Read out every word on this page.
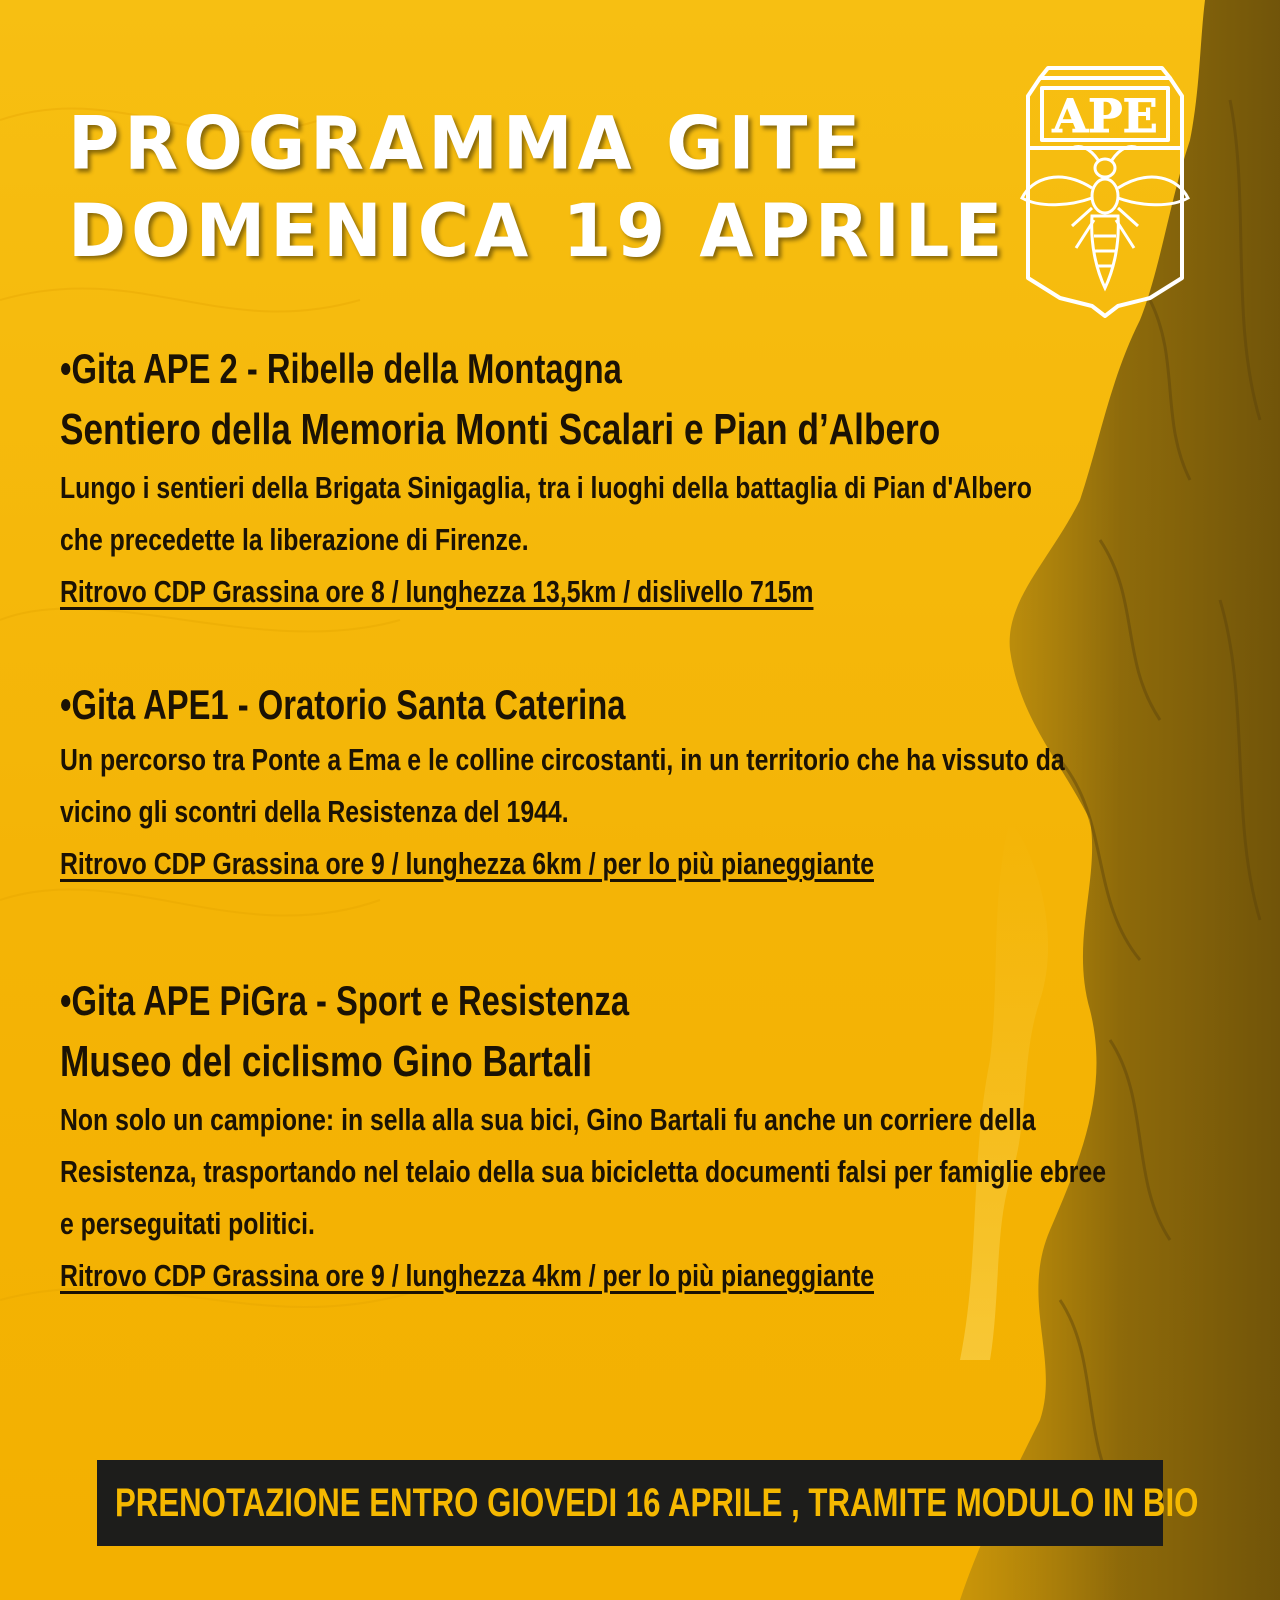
PROGRAMMA GITE
DOMENICA 19 APRILE
APE

•Gita APE 2 - Ribellə della Montagna

Sentiero della Memoria Monti Scalari e Pian d’Albero

Lungo i sentieri della Brigata Sinigaglia, tra i luoghi della battaglia di Pian d'Albero

che precedette la liberazione di Firenze.

Ritrovo CDP Grassina ore 8 / lunghezza 13,5km / dislivello 715m

•Gita APE1 - Oratorio Santa Caterina

Un percorso tra Ponte a Ema e le colline circostanti, in un territorio che ha vissuto da

vicino gli scontri della Resistenza del 1944.

Ritrovo CDP Grassina ore 9 / lunghezza 6km / per lo più pianeggiante

•Gita APE PiGra - Sport e Resistenza

Museo del ciclismo Gino Bartali

Non solo un campione: in sella alla sua bici, Gino Bartali fu anche un corriere della

Resistenza, trasportando nel telaio della sua bicicletta documenti falsi per famiglie ebree

e perseguitati politici.

Ritrovo CDP Grassina ore 9 / lunghezza 4km / per lo più pianeggiante

PRENOTAZIONE ENTRO GIOVEDI 16 APRILE , TRAMITE MODULO IN BIO
